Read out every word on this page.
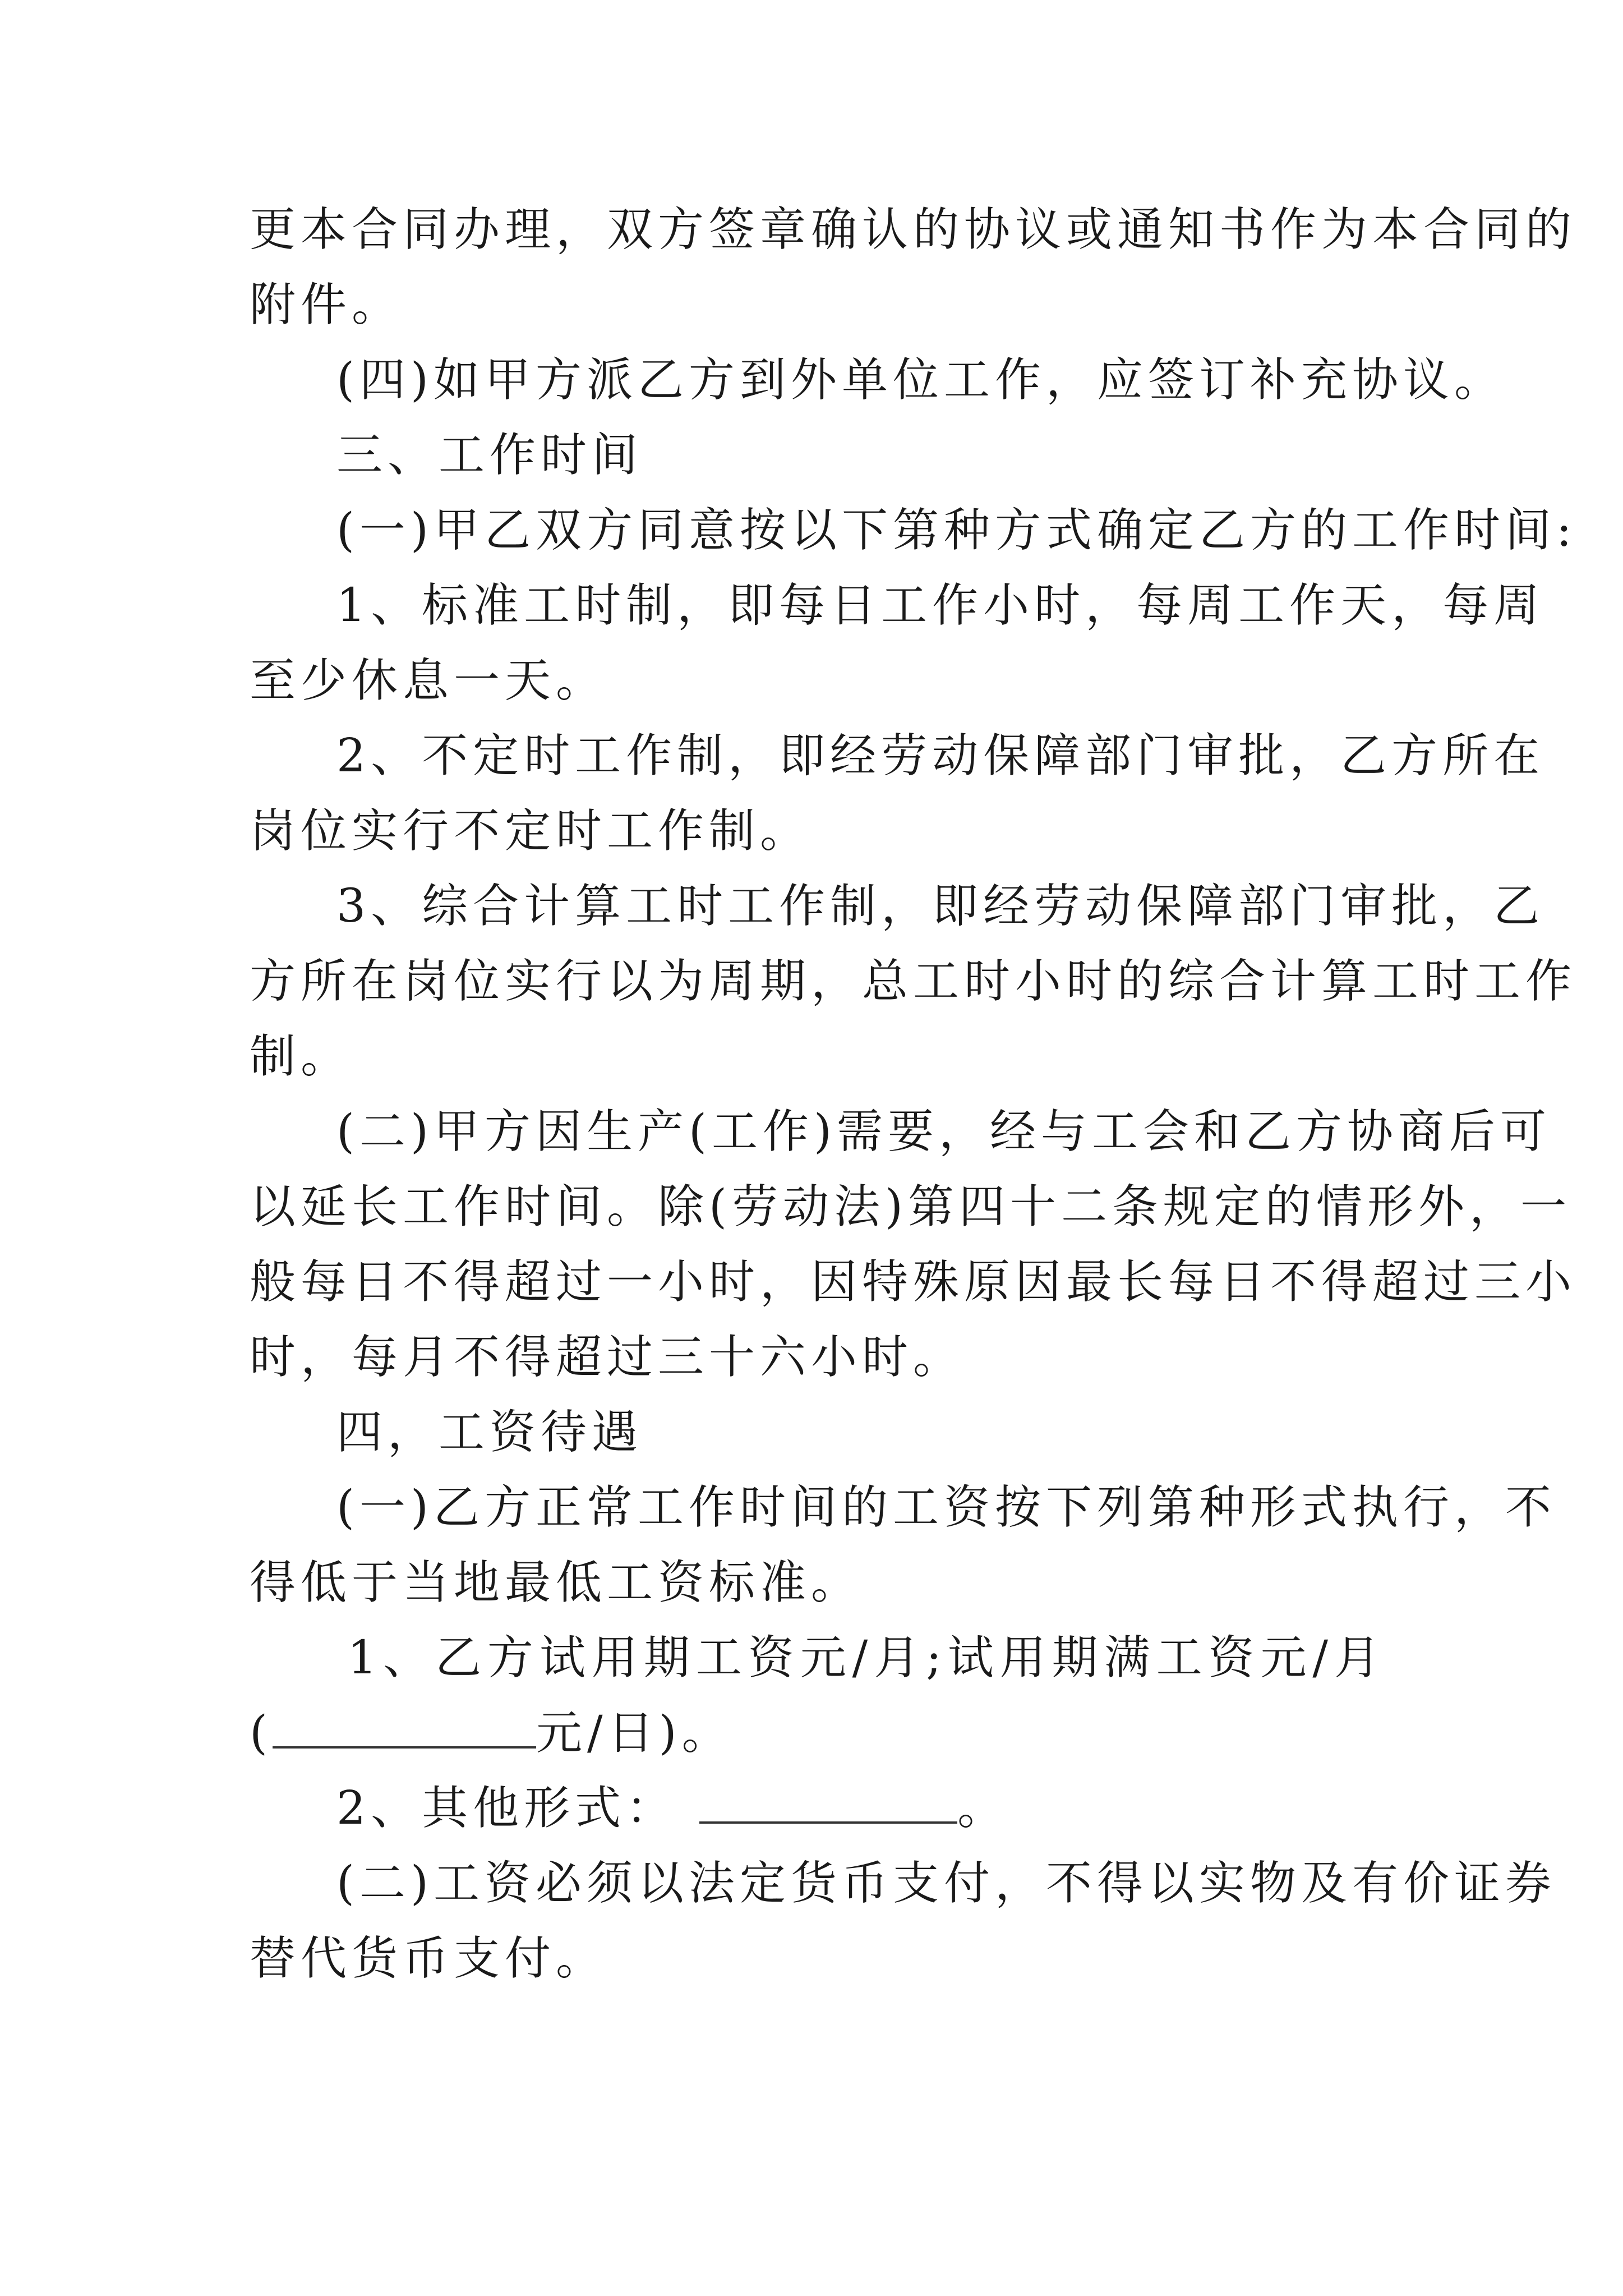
更本合同办理，双方签章确认的协议或通知书作为本合同的
附件。
(四)如甲方派乙方到外单位工作，应签订补充协议。
三、工作时间
(一)甲乙双方同意按以下第种方式确定乙方的工作时间:
1、标准工时制，即每日工作小时，每周工作天，每周
至少休息一天。
2、不定时工作制，即经劳动保障部门审批，乙方所在
岗位实行不定时工作制。
3、综合计算工时工作制，即经劳动保障部门审批，乙
方所在岗位实行以为周期，总工时小时的综合计算工时工作
制。
(二)甲方因生产(工作)需要，经与工会和乙方协商后可
以延长工作时间。除(劳动法)第四十二条规定的情形外，一
般每日不得超过一小时，因特殊原因最长每日不得超过三小
时，每月不得超过三十六小时。
四，工资待遇
(一)乙方正常工作时间的工资按下列第种形式执行，不
得低于当地最低工资标准。
1、乙方试用期工资元/月;试用期满工资元/月
(	元/日)。
2、其他形式：	。
(二)工资必须以法定货币支付，不得以实物及有价证券
替代货币支付。
